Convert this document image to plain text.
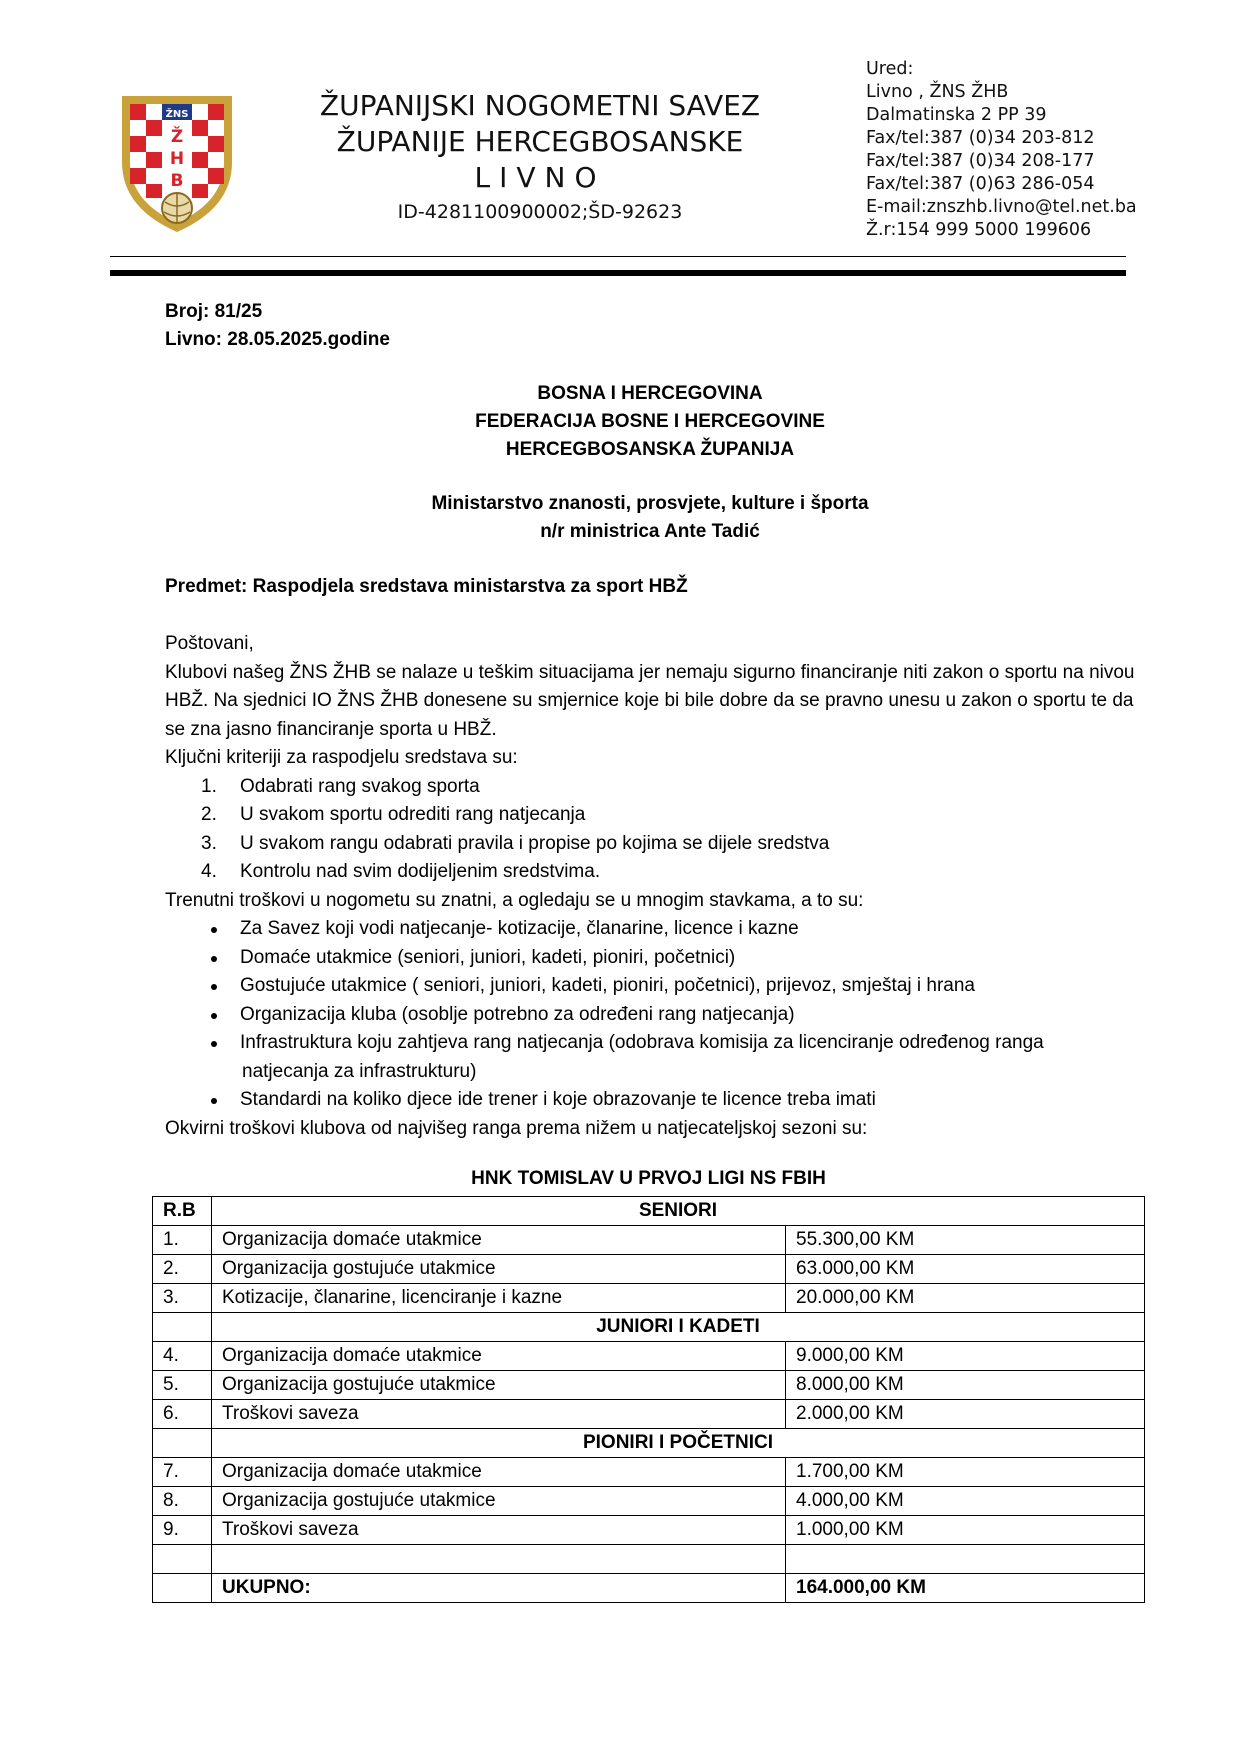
Ž
H
B
ŽNS	ŽUPANIJSKI NOGOMETNI SAVEZ
ŽUPANIJE HERCEGBOSANSKE
LIVNO
ID-4281100900002;ŠD-92623
Ured:
Livno , ŽNS ŽHB
Dalmatinska 2 PP 39
Fax/tel:387 (0)34 203-812
Fax/tel:387 (0)34 208-177
Fax/tel:387 (0)63 286-054
E-mail:znszhb.livno@tel.net.ba
Ž.r:154 999 5000 199606
Broj: 81/25
Livno: 28.05.2025.godine
BOSNA I HERCEGOVINA
FEDERACIJA BOSNE I HERCEGOVINE
HERCEGBOSANSKA ŽUPANIJA
Ministarstvo znanosti, prosvjete, kulture i športa
n/r ministrica Ante Tadić
Predmet: Raspodjela sredstava ministarstva za sport HBŽ

Poštovani,

Klubovi našeg ŽNS ŽHB se nalaze u teškim situacijama jer nemaju sigurno financiranje niti zakon o sportu na nivou HBŽ. Na sjednici IO ŽNS ŽHB donesene su smjernice koje bi bile dobre da se pravno unesu u zakon o sportu te da se zna jasno financiranje sporta u HBŽ.

Ključni kriteriji za raspodjelu sredstava su:

1. Odabrati rang svakog sporta
2. U svakom sportu odrediti rang natjecanja
3. U svakom rangu odabrati pravila i propise po kojima se dijele sredstva
4. Kontrolu nad svim dodijeljenim sredstvima.

Trenutni troškovi u nogometu su znatni, a ogledaju se u mnogim stavkama, a to su:

Za Savez koji vodi natjecanje- kotizacije, članarine, licence i kazne
Domaće utakmice (seniori, juniori, kadeti, pioniri, početnici)
Gostujuće utakmice ( seniori, juniori, kadeti, pioniri, početnici), prijevoz, smještaj i hrana
Organizacija kluba (osoblje potrebno za određeni rang natjecanja)
Infrastruktura koju zahtjeva rang natjecanja (odobrava komisija za licenciranje određenog ranga
natjecanja za infrastrukturu)
Standardi na koliko djece ide trener i koje obrazovanje te licence treba imati

Okvirni troškovi klubova od najvišeg ranga prema nižem u natjecateljskoj sezoni su:

HNK TOMISLAV U PRVOJ LIGI NS FBIH
R.B	SENIORI	
1.	Organizacija domaće utakmice	55.300,00 KM
2.	Organizacija gostujuće utakmice	63.000,00 KM
3.	Kotizacije, članarine, licenciranje i kazne	20.000,00 KM
	JUNIORI I KADETI	
4.	Organizacija domaće utakmice	9.000,00 KM
5.	Organizacija gostujuće utakmice	8.000,00 KM
6.	Troškovi saveza	2.000,00 KM
	PIONIRI I POČETNICI	
7.	Organizacija domaće utakmice	1.700,00 KM
8.	Organizacija gostujuće utakmice	4.000,00 KM
9.	Troškovi saveza	1.000,00 KM

	UKUPNO:	164.000,00 KM
